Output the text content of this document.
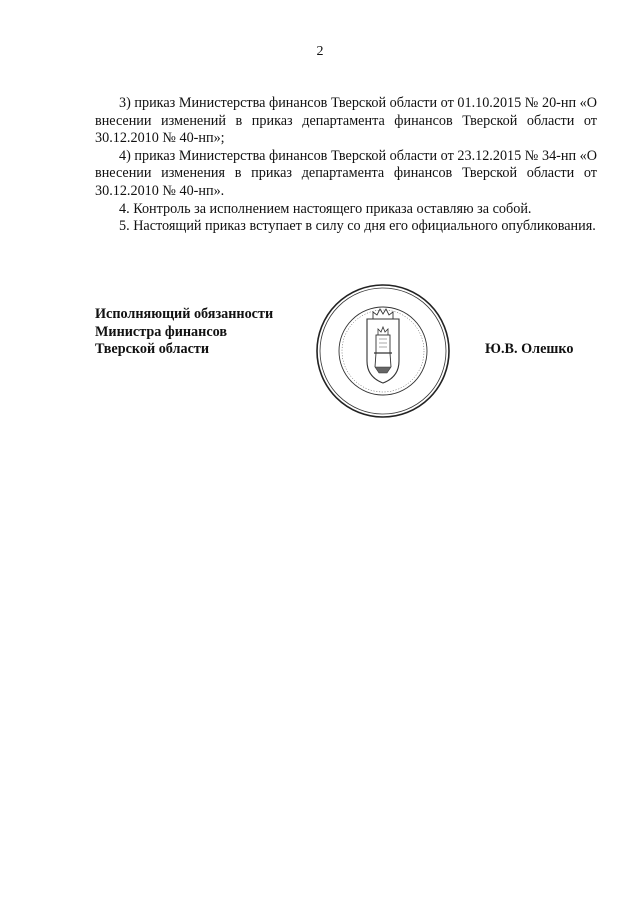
2

3) приказ Министерства финансов Тверской области от 01.10.2015 № 20-нп «О внесении изменений в приказ департамента финансов Тверской области от 30.12.2010 № 40-нп»;

4) приказ Министерства финансов Тверской области от 23.12.2015 № 34-нп «О внесении изменения в приказ департамента финансов Тверской области от 30.12.2010 № 40-нп».

4. Контроль за исполнением настоящего приказа оставляю за собой.

5. Настоящий приказ вступает в силу со дня его официального опубликования.

Исполняющий обязанности
Министра финансов
Тверской области	Ю.В. Олешко
